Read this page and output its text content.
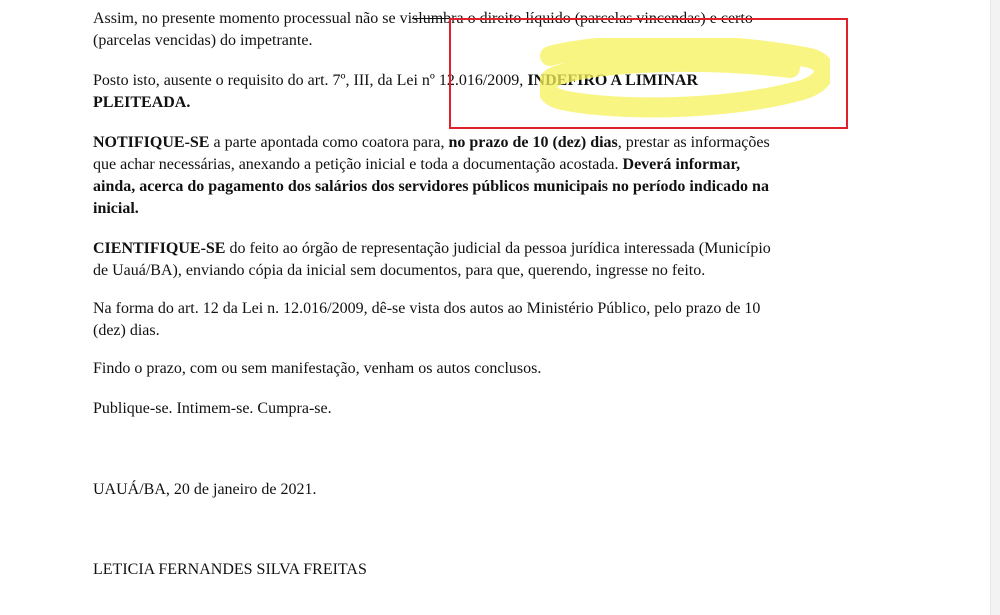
Assim, no presente momento processual não se vislumbra o direito líquido (parcelas vincendas) e certo

(parcelas vencidas) do impetrante.

Posto isto, ausente o requisito do art. 7º, III, da Lei nº 12.016/2009, INDEFIRO A LIMINAR

PLEITEADA.

NOTIFIQUE-SE a parte apontada como coatora para, no prazo de 10 (dez) dias, prestar as informações

que achar necessárias, anexando a petição inicial e toda a documentação acostada. Deverá informar,

ainda, acerca do pagamento dos salários dos servidores públicos municipais no período indicado na

inicial.

CIENTIFIQUE-SE do feito ao órgão de representação judicial da pessoa jurídica interessada (Município

de Uauá/BA), enviando cópia da inicial sem documentos, para que, querendo, ingresse no feito.

Na forma do art. 12 da Lei n. 12.016/2009, dê-se vista dos autos ao Ministério Público, pelo prazo de 10

(dez) dias.

Findo o prazo, com ou sem manifestação, venham os autos conclusos.

Publique-se. Intimem-se. Cumpra-se.

UAUÁ/BA, 20 de janeiro de 2021.

LETICIA FERNANDES SILVA FREITAS
